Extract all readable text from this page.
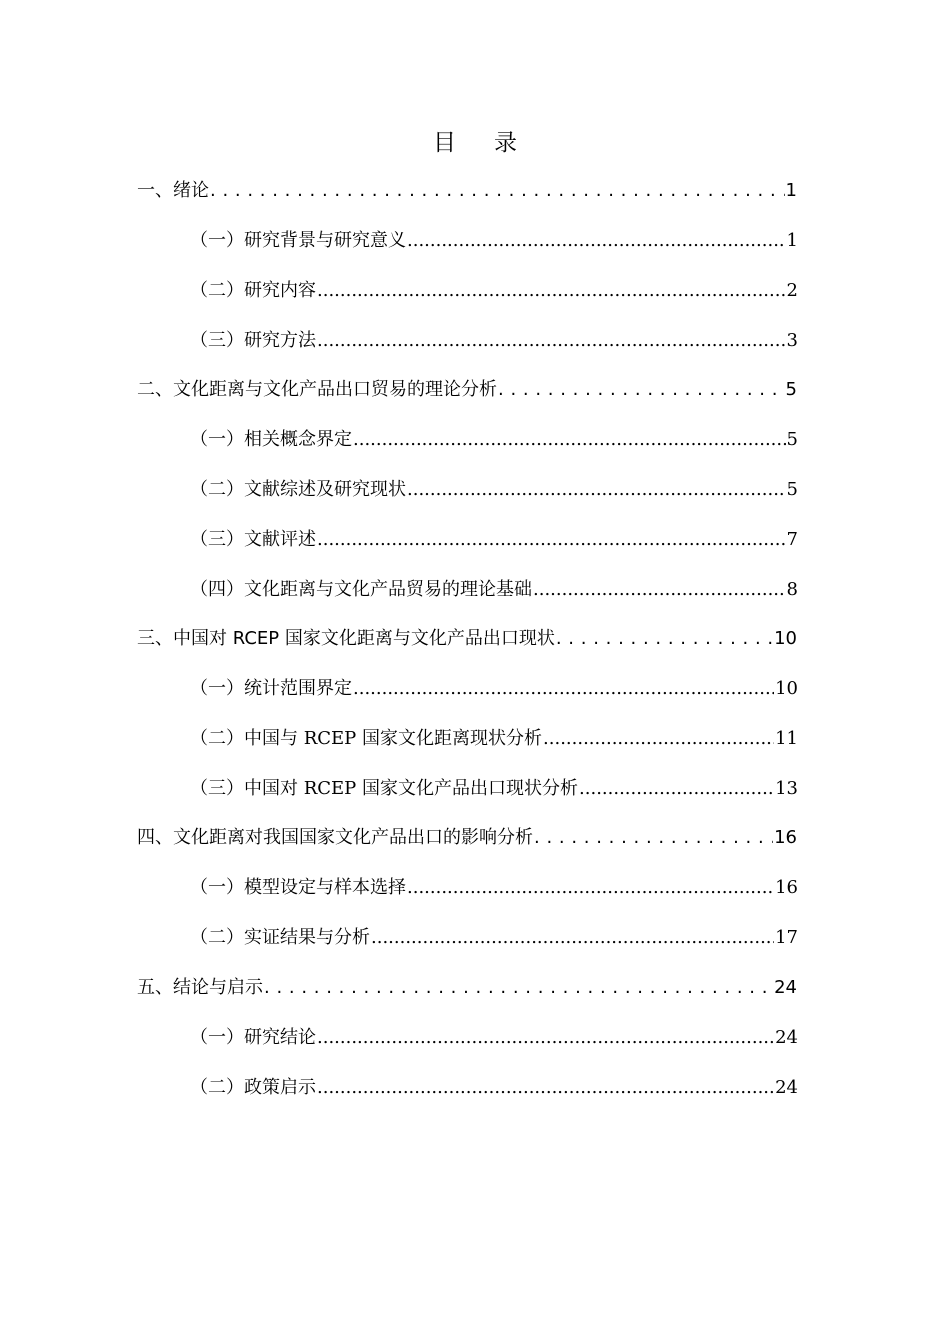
目 录
一、绪论 . . .	1
（一）研究背景与研究意义 .....	1
（二）研究内容 .....	2
（三）研究方法 .....	3
二、文化距离与文化产品出口贸易的理论分析 . . .	5
（一）相关概念界定 .....	5
（二）文献综述及研究现状 .....	5
（三）文献评述 .....	7
（四）文化距离与文化产品贸易的理论基础 .....	8
三、中国对 RCEP 国家文化距离与文化产品出口现状 . . .	10
（一）统计范围界定 .....	10
（二）中国与 RCEP 国家文化距离现状分析 .....	11
（三）中国对 RCEP 国家文化产品出口现状分析 .....	13
四、文化距离对我国国家文化产品出口的影响分析 . . .	16
（一）模型设定与样本选择 .....	16
（二）实证结果与分析 .....	17
五、结论与启示 . . .	24
（一）研究结论 .....	24
（二）政策启示 .....	24
